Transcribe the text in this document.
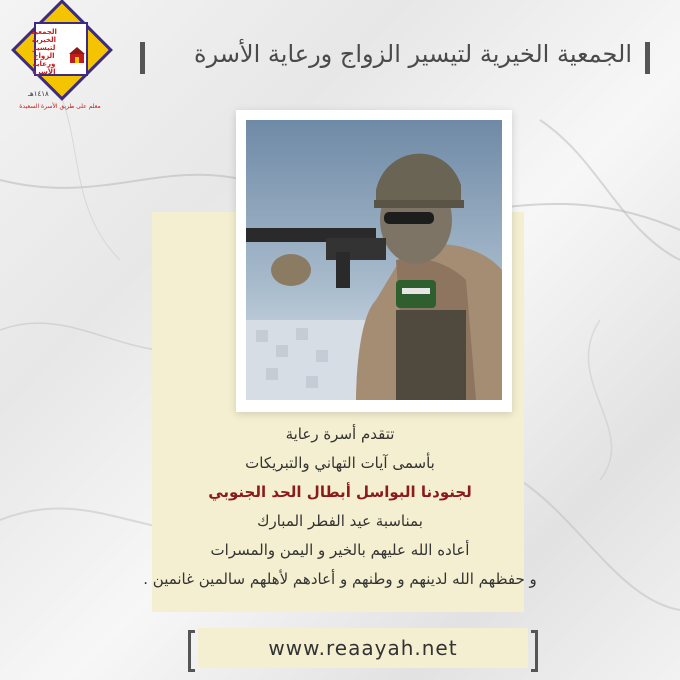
الجمعية
الخيرية
لتيسير
الزواج
ورعاية
الأسرة
١٤١٨هـ
معلم على طريق الأسرة السعيدة
الجمعية الخيرية لتيسير الزواج ورعاية الأسرة
تتقدم أسرة رعاية
بأسمى آيات التهاني والتبريكات
لجنودنا البواسل أبطال الحد الجنوبي
بمناسبة عيد الفطر المبارك
أعاده الله عليهم بالخير و اليمن والمسرات
و حفظهم الله لدينهم و وطنهم و أعادهم لأهلهم سالمين غانمين .
www.reaayah.net
